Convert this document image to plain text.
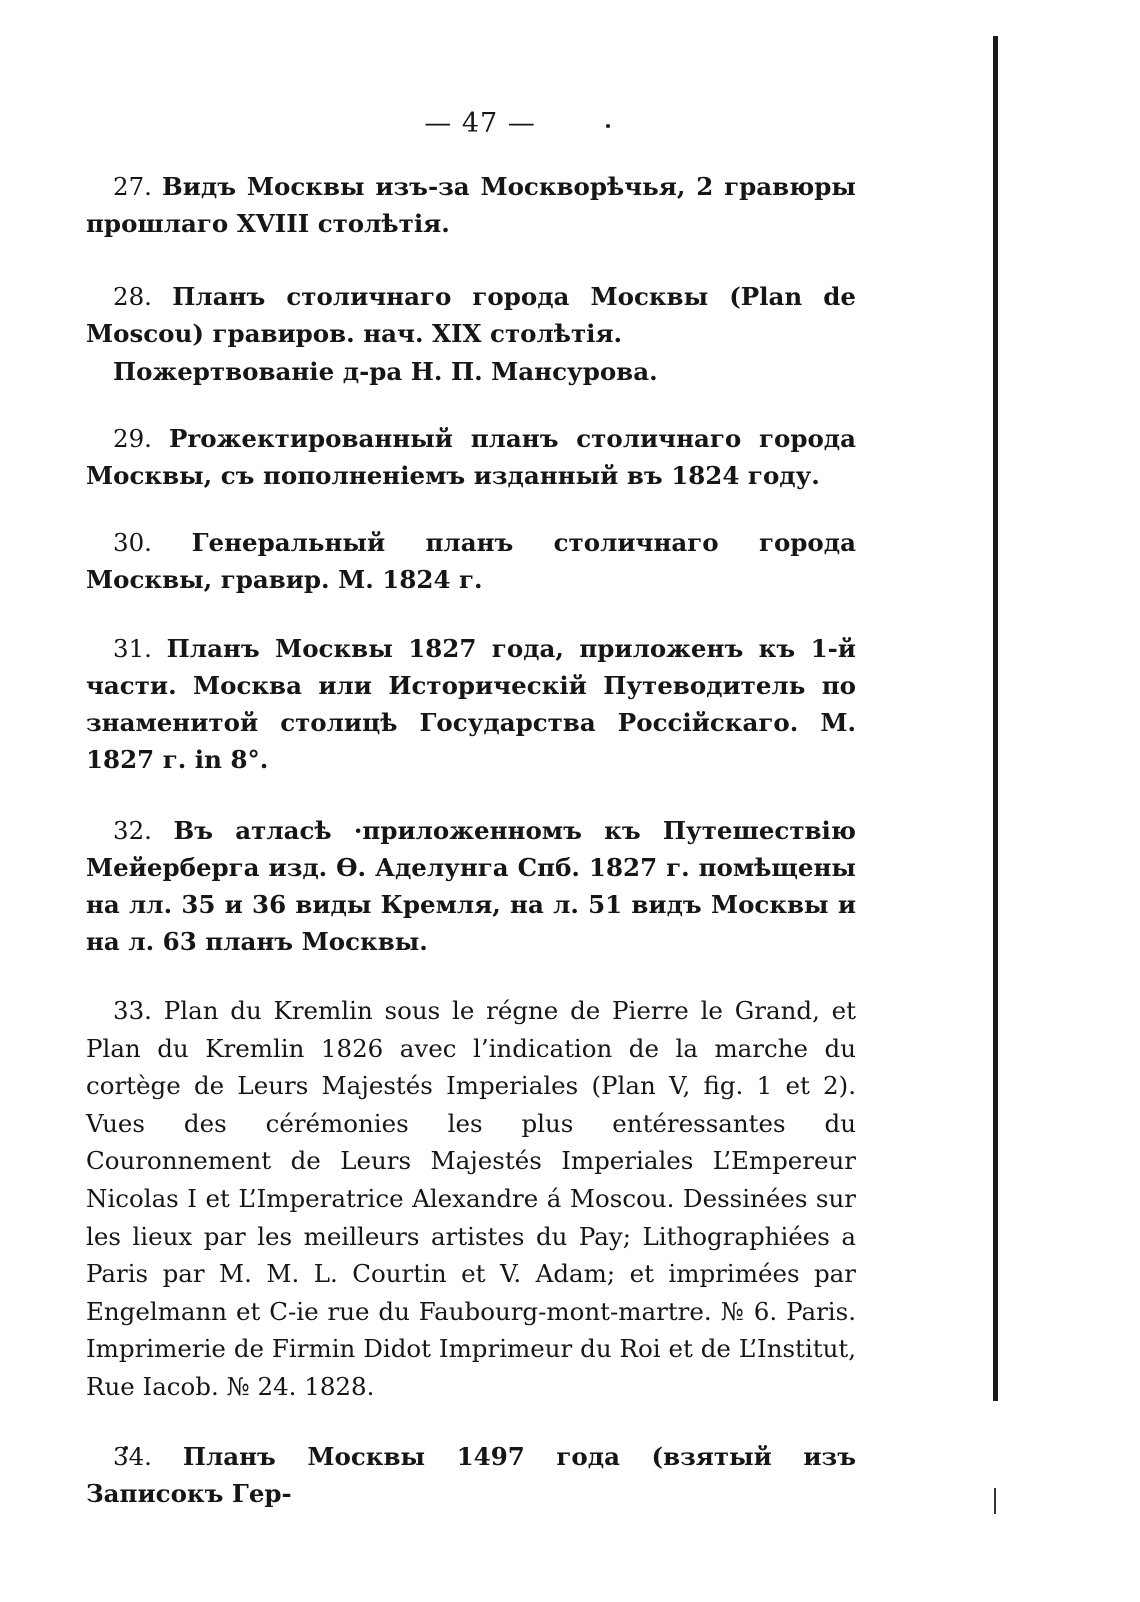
— 47 —
27. Видъ Москвы изъ-за Москворѣчья, 2 гравюры прошлаго XVIII столѣтія.
28. Планъ столичнаго города Москвы (Plan de Moscou) гравиров. нач. XIX столѣтія.
Пожертвованіе д-ра Н. П. Мансурова.
29. Рrожектированный планъ столичнаго города Москвы, съ пополненіемъ изданный въ 1824 году.
30. Генеральный планъ столичнаго города Москвы, гравир. М. 1824 г.
31. Планъ Москвы 1827 года, приложенъ къ 1-й части. Москва или Историческій Путеводитель по знаменитой столицѣ Государства Россійскаго. М. 1827 г. in 8°.
32. Въ атласѣ ·приложенномъ къ Путешествію Мейерберга изд. Ѳ. Аделунга Спб. 1827 г. помѣщены на лл. 35 и 36 виды Кремля, на л. 51 видъ Москвы и на л. 63 планъ Москвы.
33. Plan du Kremlin sous le régne de Pierre le Grand, et Plan du Kremlin 1826 avec l’indication de la marche du cortège de Leurs Majestés Imperiales (Plan V, fig. 1 et 2). Vues des cérémonies les plus entéressantes du Couronnement de Leurs Majestés Imperiales L’Empereur Nicolas I et L’Imperatrice Alexandre á Moscou. Dessinées sur les lieux par les meilleurs artistes du Pay; Lithographiées a Paris par M. M. L. Courtin et V. Adam; et imprimées par Engelmann et C-ie rue du Faubourg-mont-martre. № 6. Paris. Imprimerie de Firmin Didot Imprimeur du Roi et de L’Institut, Rue Iacob. № 24. 1828.
34. Планъ Москвы 1497 года (взятый изъ Записокъ Гер-
